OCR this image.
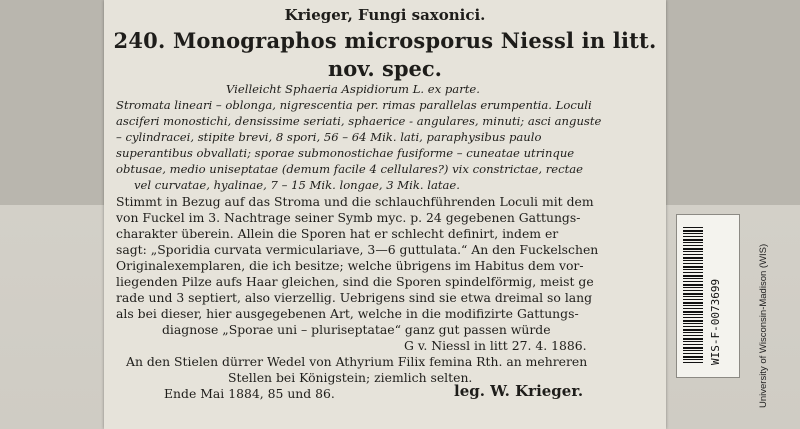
Krieger, Fungi saxonici.
240. Monographos microsporus Niessl in litt.
nov. spec.
Vielleicht Sphaeria Aspidiorum L. ex parte.
Stromata lineari – oblonga, nigrescentia per. rimas parallelas erumpentia. Loculi
asciferi monostichi, densissime seriati, sphaerice - angulares, minuti; asci anguste
– cylindracei, stipite brevi, 8 spori, 56 – 64 Mik. lati, paraphysibus paulo
superantibus obvallati; sporae submonostichae fusiforme – cuneatae utrinque
obtusae, medio uniseptatae (demum facile 4 cellulares?) vix constrictae, rectae
vel curvatae, hyalinae, 7 – 15 Mik. longae, 3 Mik. latae.
Stimmt in Bezug auf das Stroma und die schlauchführenden Loculi mit dem
von Fuckel im 3. Nachtrage seiner Symb myc. p. 24 gegebenen Gattungs-
charakter überein. Allein die Sporen hat er schlecht definirt, indem er
sagt: „Sporidia curvata vermiculariave, 3—6 guttulata.“ An den Fuckelschen
Originalexemplaren, die ich besitze; welche übrigens im Habitus dem vor-
liegenden Pilze aufs Haar gleichen, sind die Sporen spindelförmig, meist ge
rade und 3 septiert, also vierzellig. Uebrigens sind sie etwa dreimal so lang
als bei dieser, hier ausgegebenen Art, welche in die modifizirte Gattungs-
diagnose „Sporae uni – pluriseptatae“ ganz gut passen würde
G v. Niessl in litt 27. 4. 1886.
An den Stielen dürrer Wedel von Athyrium Filix femina Rth. an mehreren
Stellen bei Königstein; ziemlich selten.
Ende Mai 1884, 85 und 86.	leg. W. Krieger.
WIS-F-0073699	University of Wisconsin-Madison (WIS)
